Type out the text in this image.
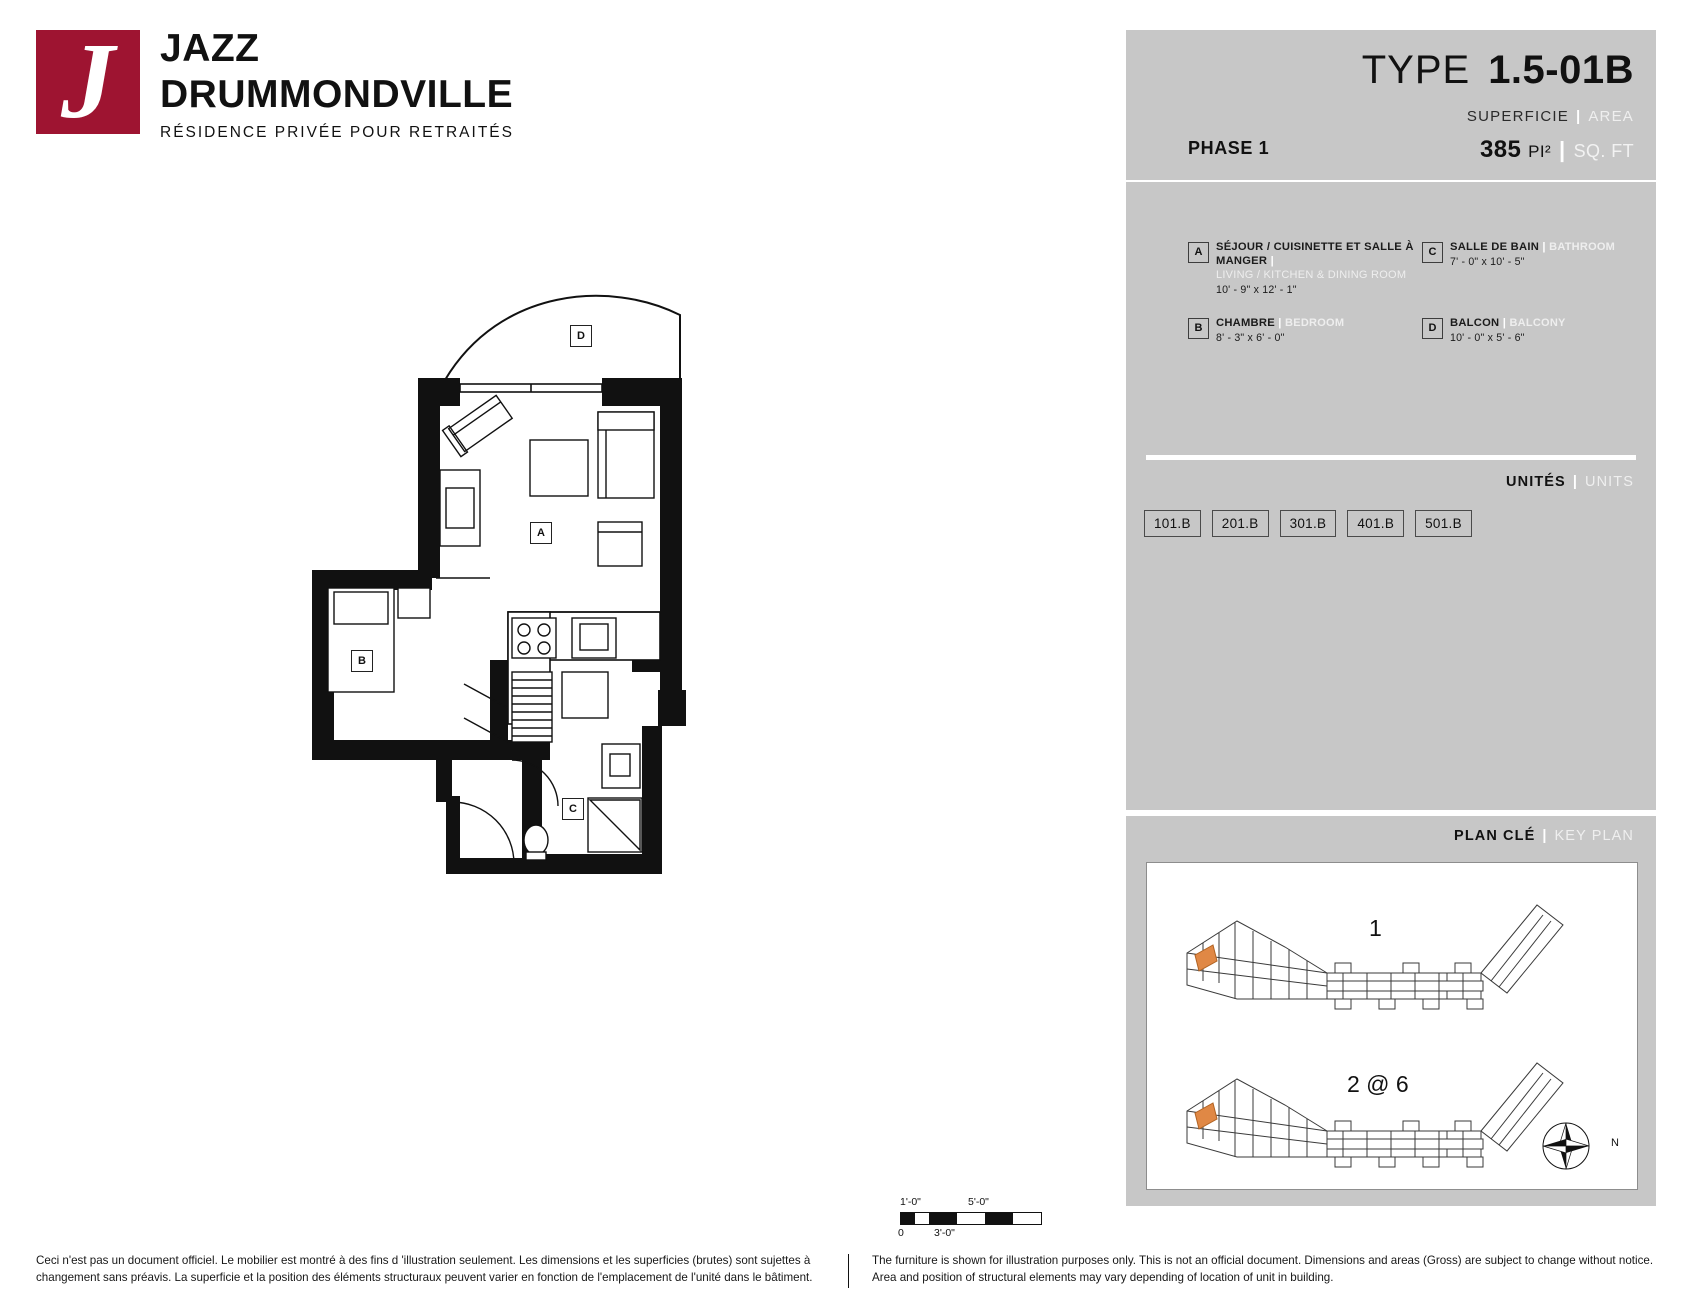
J	JAZZ
DRUMMONDVILLE
RÉSIDENCE PRIVÉE POUR RETRAITÉS
TYPE 1.5-01B
SUPERFICIE | AREA
385 PI² | SQ. FT
PHASE 1
A	SÉJOUR / CUISINETTE ET SALLE À MANGER |
LIVING / KITCHEN & DINING ROOM
10' - 9" x 12' - 1"
B	CHAMBRE | BEDROOM
8' - 3" x 6' - 0"
C	SALLE DE BAIN | BATHROOM
7' - 0" x 10' - 5"
D	BALCON | BALCONY
10' - 0" x 5' - 6"
UNITÉS | UNITS
101.B	201.B	301.B	401.B	501.B
PLAN CLÉ | KEY PLAN
1
2 @ 6
N
A
B
C
D
1'-0"	5'-0"
0	3'-0"
Ceci n'est pas un document officiel. Le mobilier est montré à des fins d 'illustration seulement. Les dimensions et les superficies (brutes) sont sujettes à changement sans préavis. La superficie et la position des éléments structuraux peuvent varier en fonction de l'emplacement de l'unité dans le bâtiment.
The furniture is shown for illustration purposes only. This is not an official document. Dimensions and areas (Gross) are subject to change without notice. Area and position of structural elements may vary depending of location of unit in building.
